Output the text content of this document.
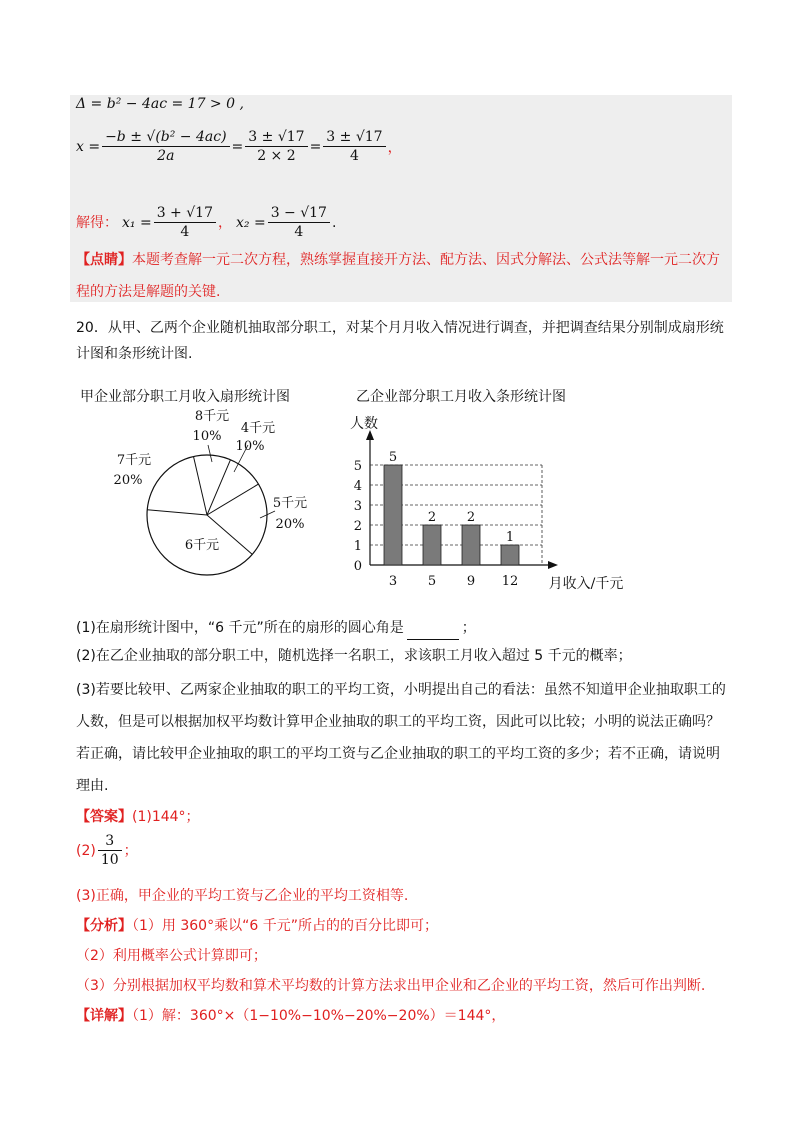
Δ = b² − 4ac = 17 > 0 ,
$x = \frac{\text{−b ± √(b² − 4ac)}}{2a} = \frac{3 \pm √17}{2 \times 2} = \frac{3 \pm √17}{4}$ ，
解得： $x_1 = \frac{3 + √17}{4}$ ， $x_2 = \frac{3 - √17}{4}$ .
【点睛】本题考查解一元二次方程，熟练掌握直接开方法、配方法、因式分解法、公式法等解一元二次方
程的方法是解题的关键.
20．从甲、乙两个企业随机抽取部分职工，对某个月月收入情况进行调查，并把调查结果分别制成扇形统
计图和条形统计图.
甲企业部分职工月收入扇形统计图	乙企业部分职工月收入条形统计图
8千元
10%
4千元
10%
5千元
20%
6千元
7千元
20%
人数
月收入/千元
0
1
2
3
4
5
5
3
2
5
2
9
1
12
(1)在扇形统计图中，“6 千元”所在的扇形的圆心角是	；
(2)在乙企业抽取的部分职工中，随机选择一名职工，求该职工月收入超过 5 千元的概率；
(3)若要比较甲、乙两家企业抽取的职工的平均工资，小明提出自己的看法：虽然不知道甲企业抽取职工的
人数，但是可以根据加权平均数计算甲企业抽取的职工的平均工资，因此可以比较；小明的说法正确吗？
若正确，请比较甲企业抽取的职工的平均工资与乙企业抽取的职工的平均工资的多少；若不正确，请说明
理由.
【答案】(1)144°；
$(2) \frac{3}{10}$ ；
(3)正确，甲企业的平均工资与乙企业的平均工资相等.
【分析】（1）用 360°乘以“6 千元”所占的的百分比即可；
（2）利用概率公式计算即可；
（3）分别根据加权平均数和算术平均数的计算方法求出甲企业和乙企业的平均工资，然后可作出判断.
【详解】（1）解：360°×（1−10%−10%−20%−20%）＝144°，
